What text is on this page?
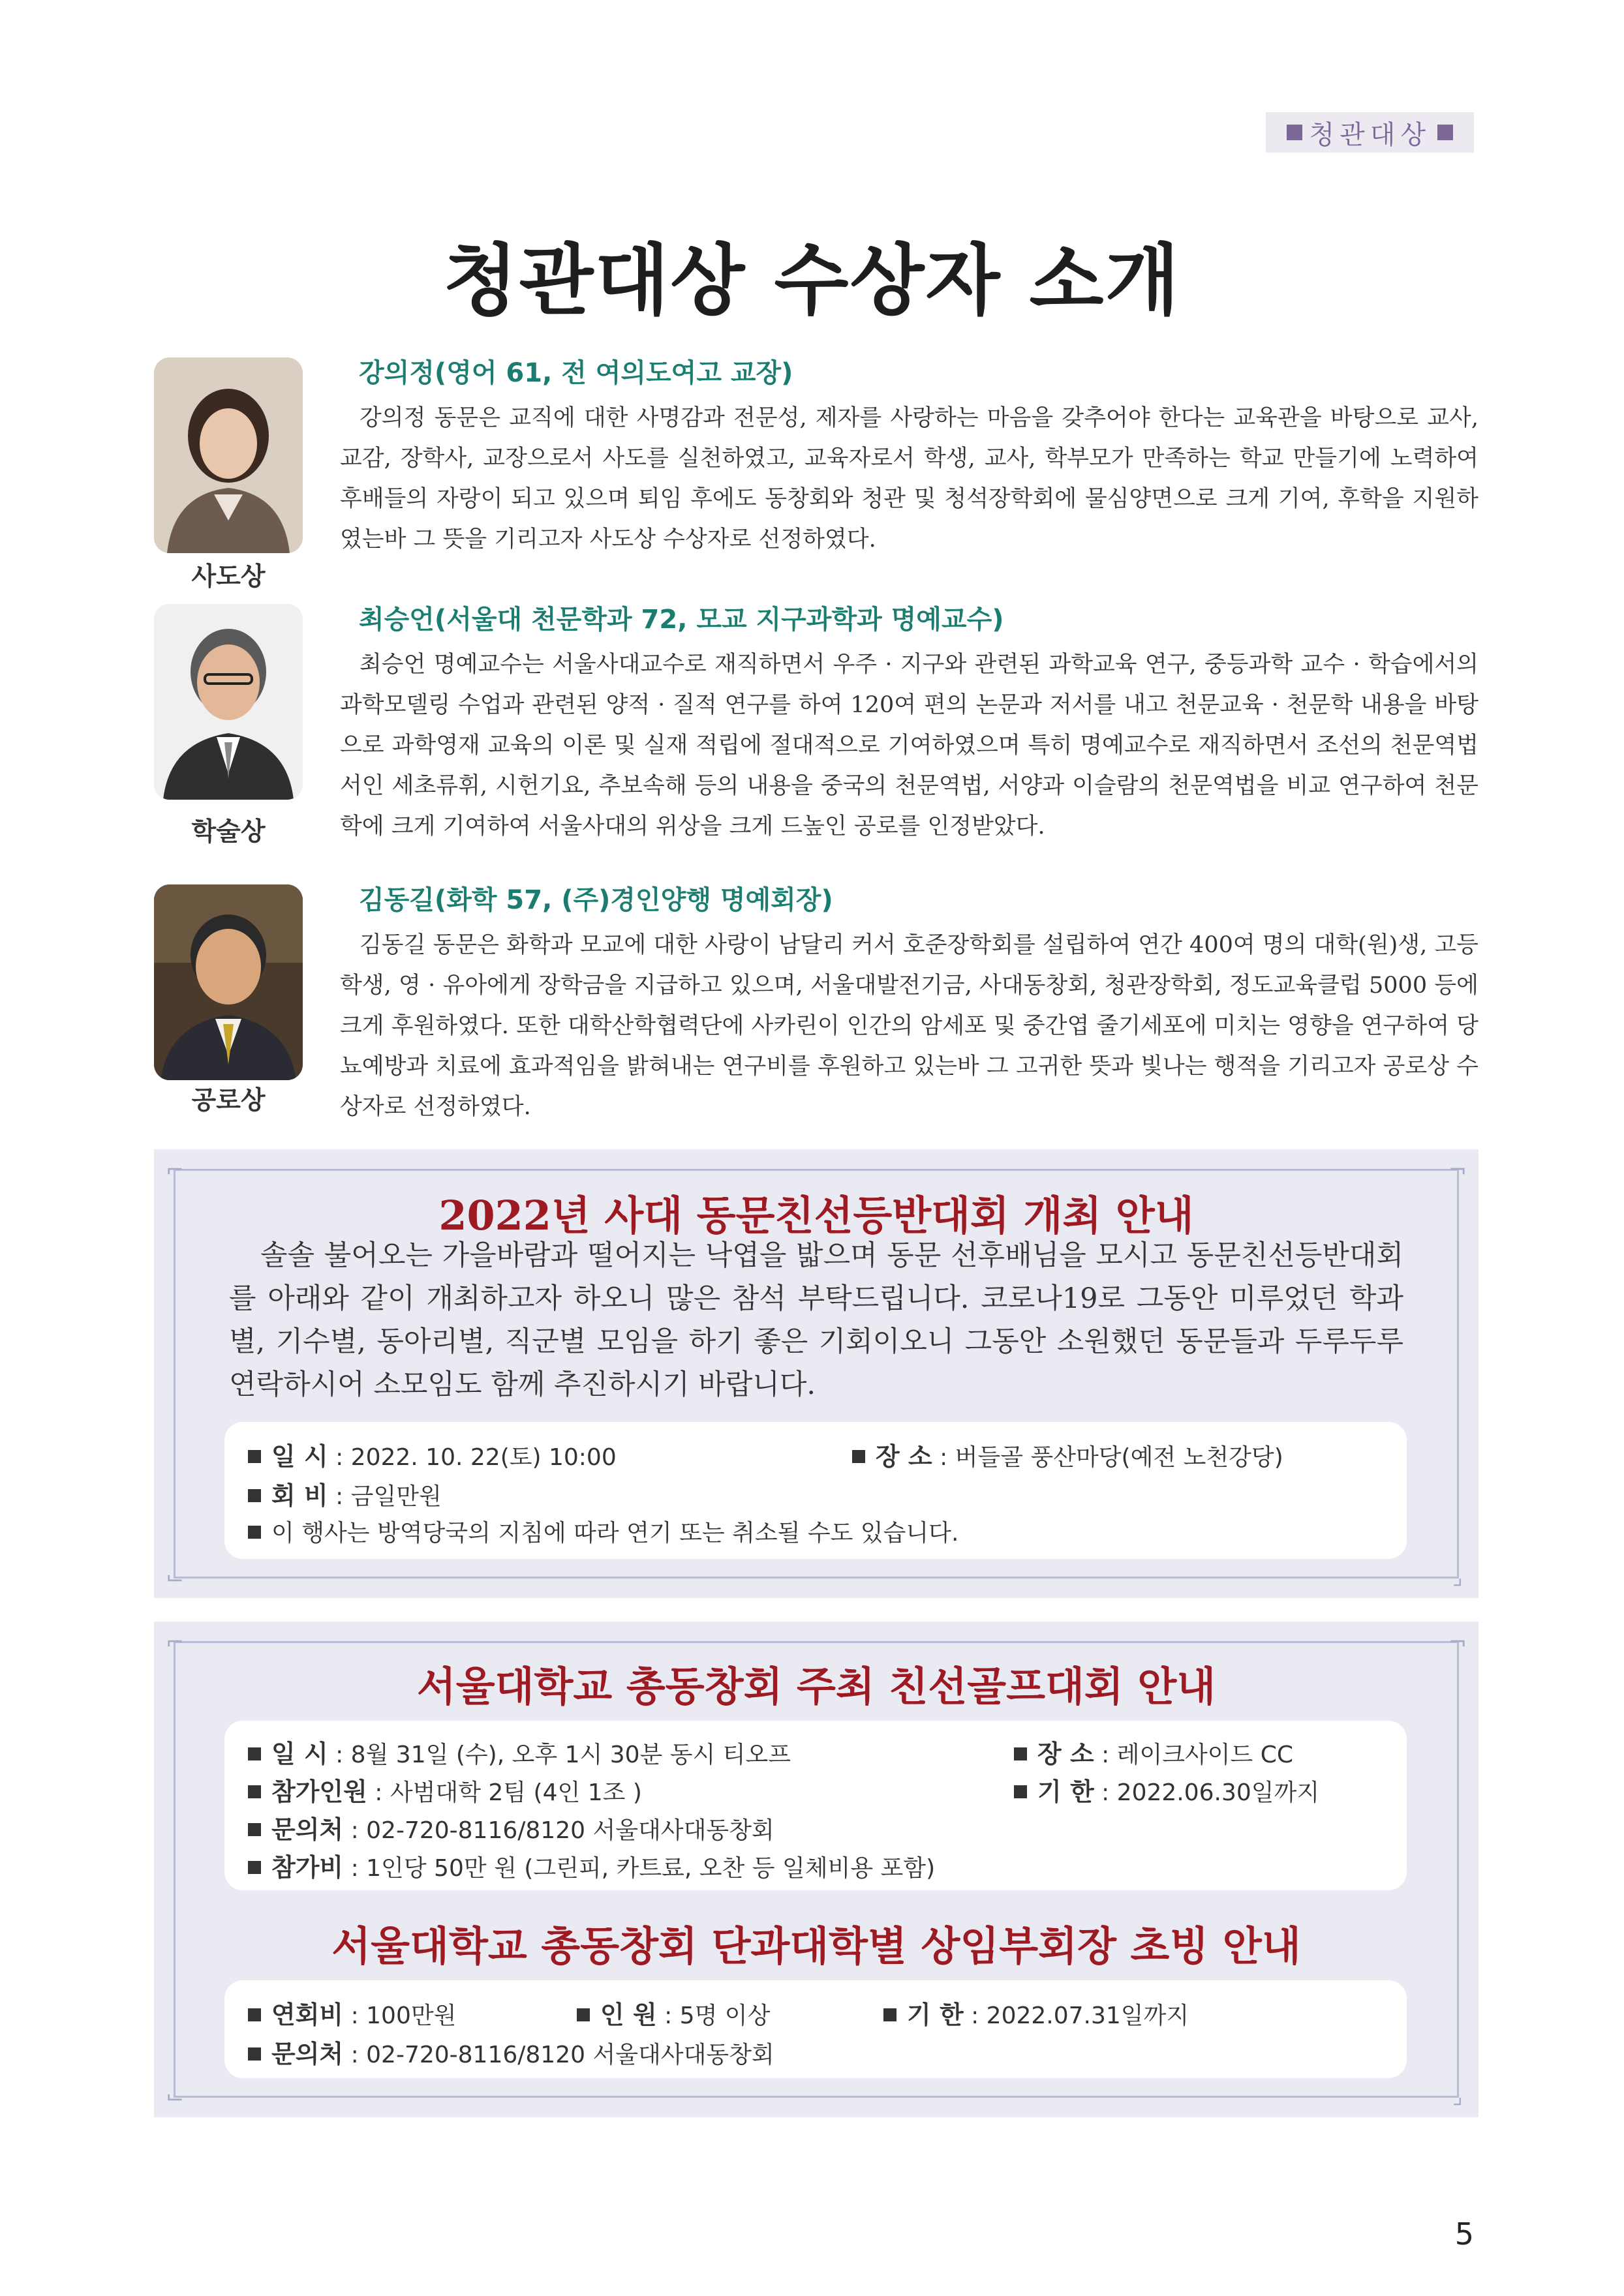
청관대상
청관대상 수상자 소개
사도상
강의정(영어 61, 전 여의도여고 교장)

강의정 동문은 교직에 대한 사명감과 전문성, 제자를 사랑하는 마음을 갖추어야 한다는 교육관을 바탕으로 교사, 교감, 장학사, 교장으로서 사도를 실천하였고, 교육자로서 학생, 교사, 학부모가 만족하는 학교 만들기에 노력하여 후배들의 자랑이 되고 있으며 퇴임 후에도 동창회와 청관 및 청석장학회에 물심양면으로 크게 기여, 후학을 지원하였는바 그 뜻을 기리고자 사도상 수상자로 선정하였다.

학술상
최승언(서울대 천문학과 72, 모교 지구과학과 명예교수)

최승언 명예교수는 서울사대교수로 재직하면서 우주 · 지구와 관련된 과학교육 연구, 중등과학 교수 · 학습에서의 과학모델링 수업과 관련된 양적 · 질적 연구를 하여 120여 편의 논문과 저서를 내고 천문교육 · 천문학 내용을 바탕으로 과학영재 교육의 이론 및 실재 적립에 절대적으로 기여하였으며 특히 명예교수로 재직하면서 조선의 천문역법서인 세초류휘, 시헌기요, 추보속해 등의 내용을 중국의 천문역법, 서양과 이슬람의 천문역법을 비교 연구하여 천문학에 크게 기여하여 서울사대의 위상을 크게 드높인 공로를 인정받았다.

공로상
김동길(화학 57, (주)경인양행 명예회장)

김동길 동문은 화학과 모교에 대한 사랑이 남달리 커서 호준장학회를 설립하여 연간 400여 명의 대학(원)생, 고등학생, 영 · 유아에게 장학금을 지급하고 있으며, 서울대발전기금, 사대동창회, 청관장학회, 정도교육클럽 5000 등에 크게 후원하였다. 또한 대학산학협력단에 사카린이 인간의 암세포 및 중간엽 줄기세포에 미치는 영향을 연구하여 당뇨예방과 치료에 효과적임을 밝혀내는 연구비를 후원하고 있는바 그 고귀한 뜻과 빛나는 행적을 기리고자 공로상 수상자로 선정하였다.

⌐	¬
⌙	⌟
2022년 사대 동문친선등반대회 개최 안내

솔솔 불어오는 가을바람과 떨어지는 낙엽을 밟으며 동문 선후배님을 모시고 동문친선등반대회를 아래와 같이 개최하고자 하오니 많은 참석 부탁드립니다. 코로나19로 그동안 미루었던 학과별, 기수별, 동아리별, 직군별 모임을 하기 좋은 기회이오니 그동안 소원했던 동문들과 두루두루 연락하시어 소모임도 함께 추진하시기 바랍니다.

일 시 : 2022. 10. 22(토) 10:00	장 소 : 버들골 풍산마당(예전 노천강당)
회 비 : 금일만원
이 행사는 방역당국의 지침에 따라 연기 또는 취소될 수도 있습니다.
⌐	¬
⌙	⌟
서울대학교 총동창회 주최 친선골프대회 안내
일 시 : 8월 31일 (수), 오후 1시 30분 동시 티오프	장 소 : 레이크사이드 CC
참가인원 : 사범대학 2팀 (4인 1조 )	기 한 : 2022.06.30일까지
문의처 : 02-720-8116/8120 서울대사대동창회
참가비 : 1인당 50만 원 (그린피, 카트료, 오찬 등 일체비용 포함)
서울대학교 총동창회 단과대학별 상임부회장 초빙 안내
연회비 : 100만원	인 원 : 5명 이상	기 한 : 2022.07.31일까지
문의처 : 02-720-8116/8120 서울대사대동창회
5
